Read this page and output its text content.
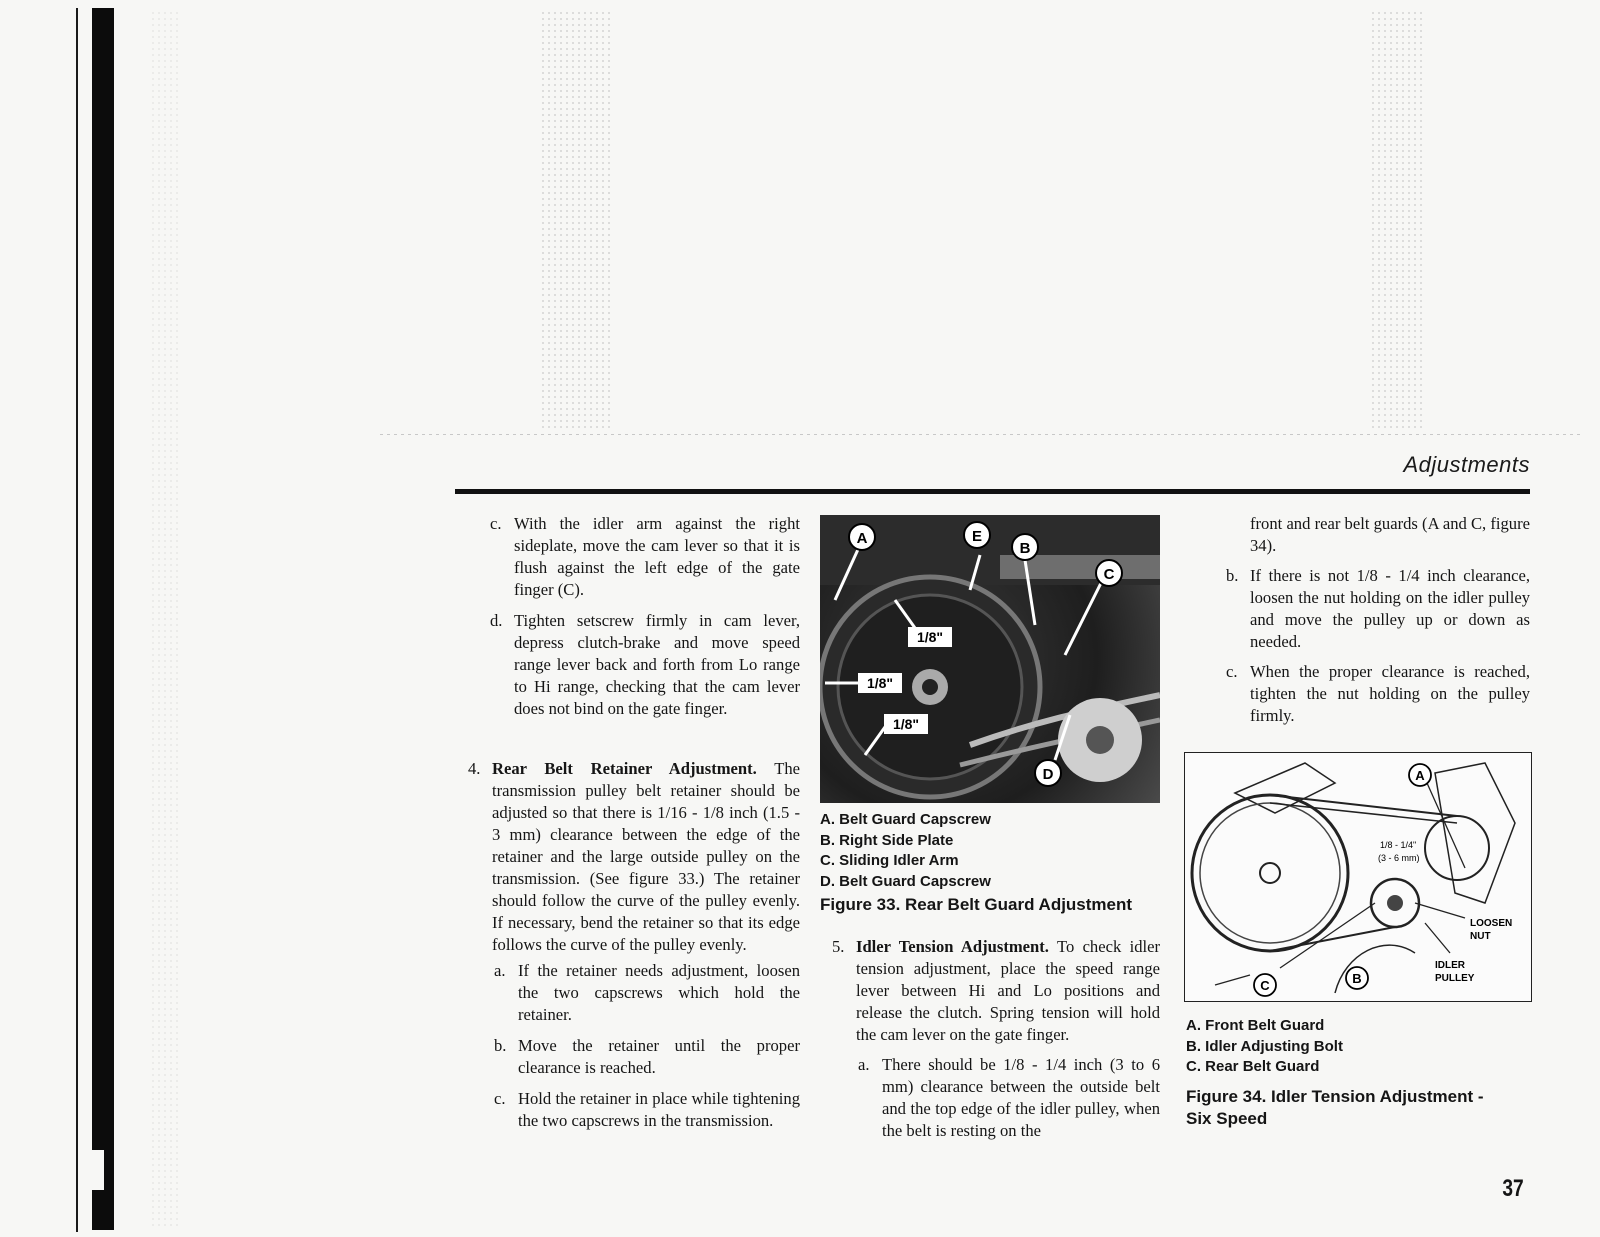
Adjustments
c. With the idler arm against the right sideplate, move the cam lever so that it is flush against the left edge of the gate finger (C).

d. Tighten setscrew firmly in cam lever, depress clutch-brake and move speed range lever back and forth from Lo range to Hi range, checking that the cam lever does not bind on the gate finger.

4. Rear Belt Retainer Adjustment. The transmission pulley belt retainer should be adjusted so that there is 1/16 - 1/8 inch (1.5 - 3 mm) clearance between the edge of the retainer and the large outside pulley on the transmission. (See figure 33.) The retainer should follow the curve of the pulley evenly. If necessary, bend the retainer so that its edge follows the curve of the pulley evenly.

a. If the retainer needs adjustment, loosen the two capscrews which hold the retainer.

b. Move the retainer until the proper clearance is reached.

c. Hold the retainer in place while tightening the two capscrews in the transmission.

A	E
B
C
D
1/8"
1/8"
1/8"
A. Belt Guard Capscrew
B. Right Side Plate
C. Sliding Idler Arm
D. Belt Guard Capscrew
Figure 33. Rear Belt Guard Adjustment
5. Idler Tension Adjustment. To check idler tension adjustment, place the speed range lever between Hi and Lo positions and release the clutch. Spring tension will hold the cam lever on the gate finger.

a. There should be 1/8 - 1/4 inch (3 to 6 mm) clearance between the outside belt and the top edge of the idler pulley, when the belt is resting on the

front and rear belt guards (A and C, figure 34).

b. If there is not 1/8 - 1/4 inch clearance, loosen the nut holding on the idler pulley and move the pulley up or down as needed.

c. When the proper clearance is reached, tighten the nut holding on the pulley firmly.

A
B
C
1/8 - 1/4"
(3 - 6 mm)
LOOSEN
NUT
IDLER
PULLEY
A. Front Belt Guard
B. Idler Adjusting Bolt
C. Rear Belt Guard
Figure 34. Idler Tension Adjustment -
Six Speed
37
